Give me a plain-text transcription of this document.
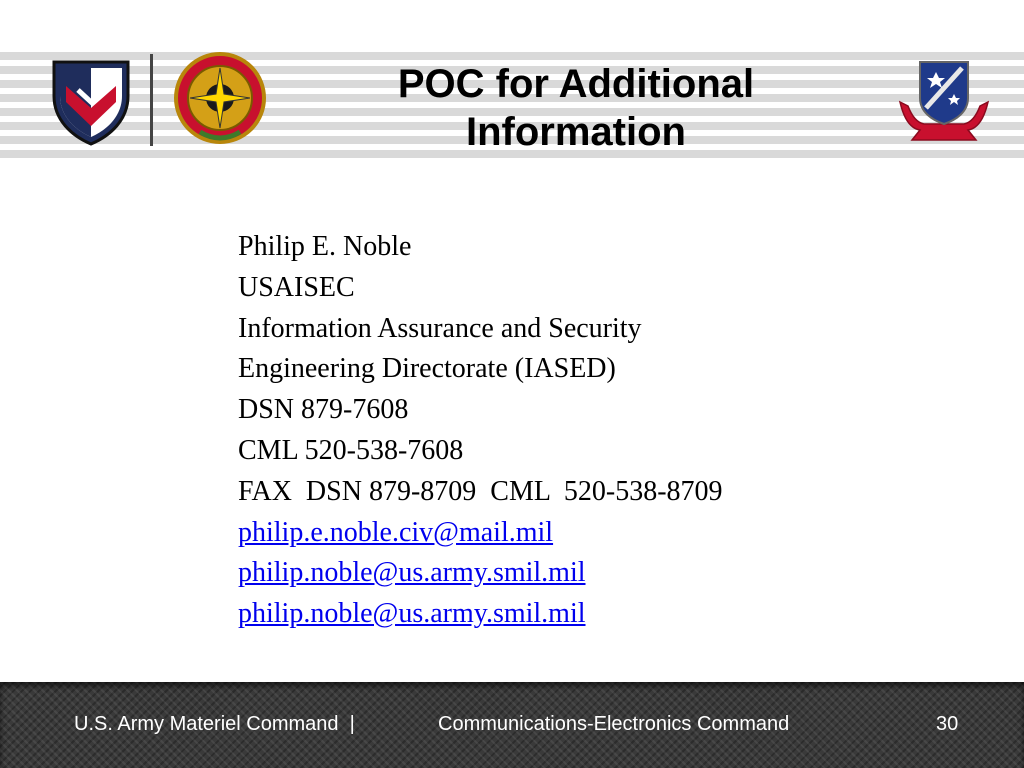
POC for Additional
Information
Philip E. Noble
USAISEC
Information Assurance and Security
Engineering Directorate (IASED)
DSN 879-7608
CML 520-538-7608
FAX  DSN 879-8709  CML  520-538-8709
philip.e.noble.civ@mail.mil
philip.noble@us.army.smil.mil
philip.noble@us.army.smil.mil
U.S. Army Materiel Command  |	Communications-Electronics Command	30
